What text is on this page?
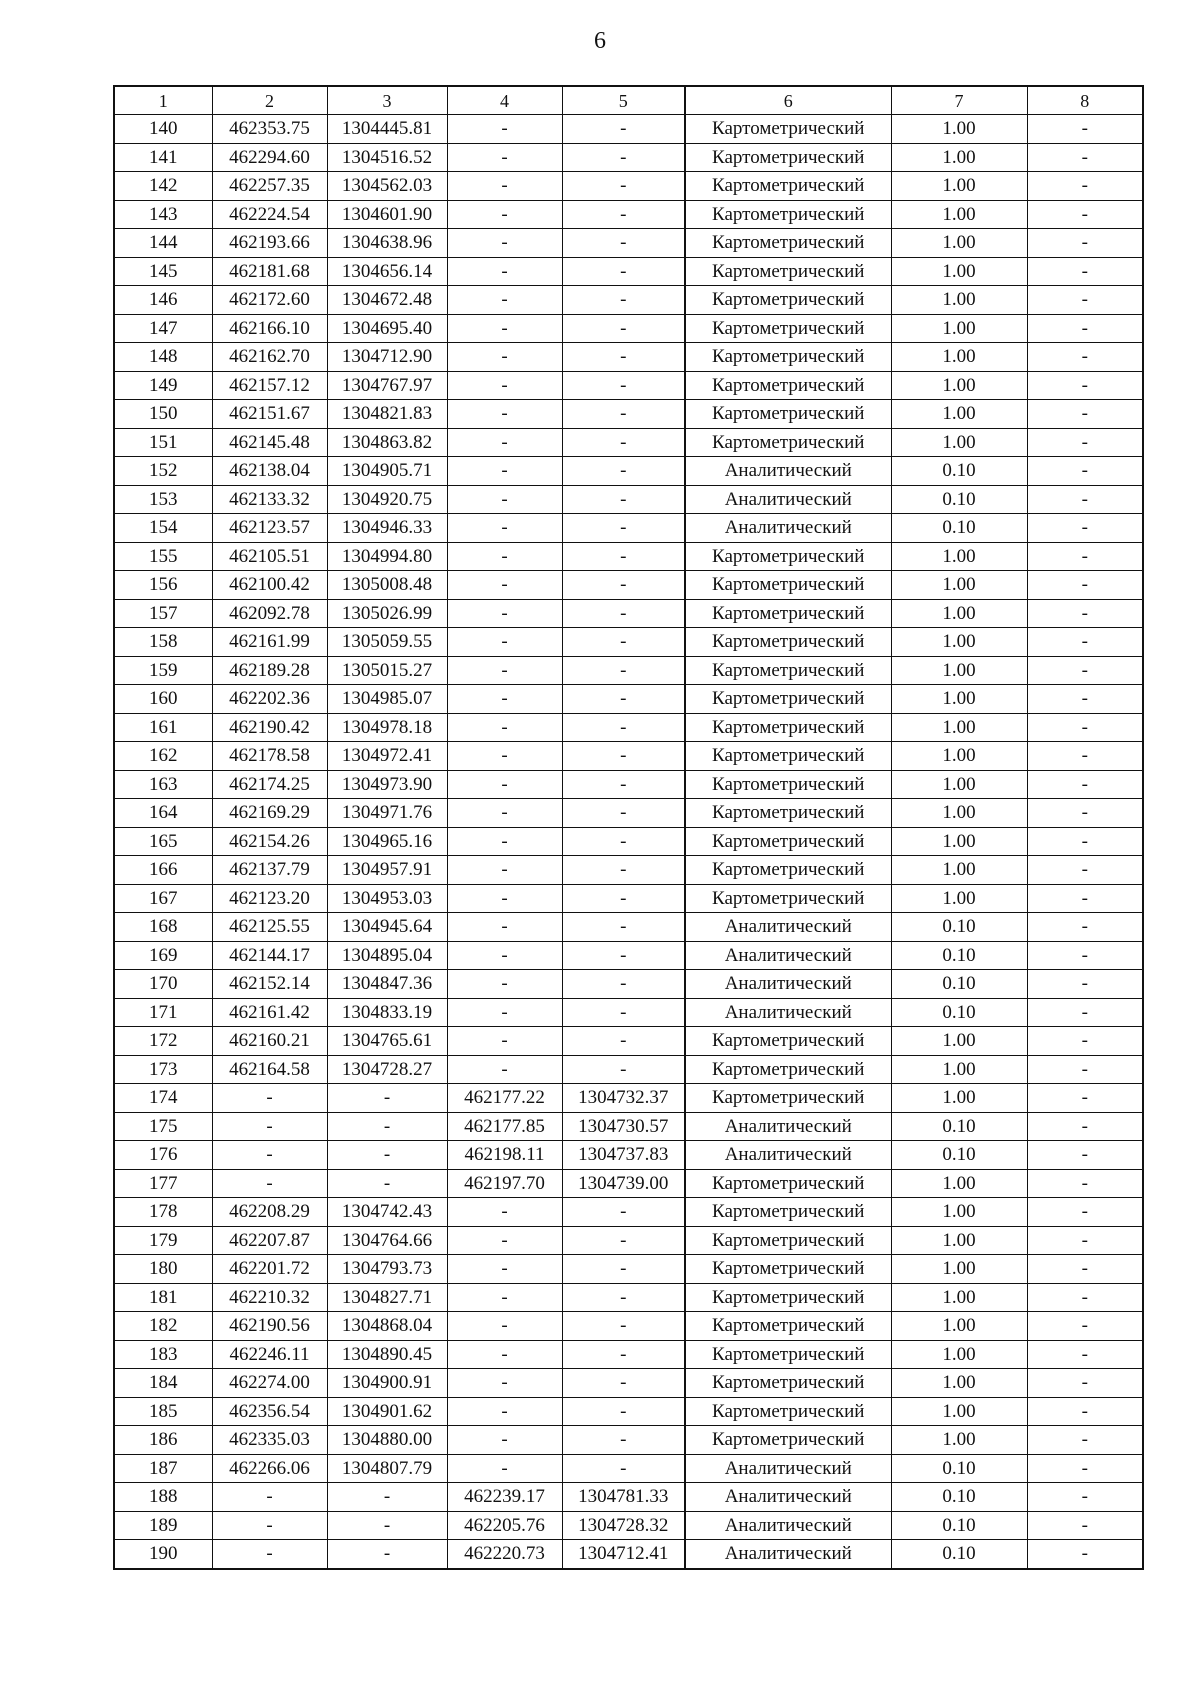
6
1	2	3	4	5	6	7	8
140	462353.75	1304445.81	-	-	Картометрический	1.00	-
141	462294.60	1304516.52	-	-	Картометрический	1.00	-
142	462257.35	1304562.03	-	-	Картометрический	1.00	-
143	462224.54	1304601.90	-	-	Картометрический	1.00	-
144	462193.66	1304638.96	-	-	Картометрический	1.00	-
145	462181.68	1304656.14	-	-	Картометрический	1.00	-
146	462172.60	1304672.48	-	-	Картометрический	1.00	-
147	462166.10	1304695.40	-	-	Картометрический	1.00	-
148	462162.70	1304712.90	-	-	Картометрический	1.00	-
149	462157.12	1304767.97	-	-	Картометрический	1.00	-
150	462151.67	1304821.83	-	-	Картометрический	1.00	-
151	462145.48	1304863.82	-	-	Картометрический	1.00	-
152	462138.04	1304905.71	-	-	Аналитический	0.10	-
153	462133.32	1304920.75	-	-	Аналитический	0.10	-
154	462123.57	1304946.33	-	-	Аналитический	0.10	-
155	462105.51	1304994.80	-	-	Картометрический	1.00	-
156	462100.42	1305008.48	-	-	Картометрический	1.00	-
157	462092.78	1305026.99	-	-	Картометрический	1.00	-
158	462161.99	1305059.55	-	-	Картометрический	1.00	-
159	462189.28	1305015.27	-	-	Картометрический	1.00	-
160	462202.36	1304985.07	-	-	Картометрический	1.00	-
161	462190.42	1304978.18	-	-	Картометрический	1.00	-
162	462178.58	1304972.41	-	-	Картометрический	1.00	-
163	462174.25	1304973.90	-	-	Картометрический	1.00	-
164	462169.29	1304971.76	-	-	Картометрический	1.00	-
165	462154.26	1304965.16	-	-	Картометрический	1.00	-
166	462137.79	1304957.91	-	-	Картометрический	1.00	-
167	462123.20	1304953.03	-	-	Картометрический	1.00	-
168	462125.55	1304945.64	-	-	Аналитический	0.10	-
169	462144.17	1304895.04	-	-	Аналитический	0.10	-
170	462152.14	1304847.36	-	-	Аналитический	0.10	-
171	462161.42	1304833.19	-	-	Аналитический	0.10	-
172	462160.21	1304765.61	-	-	Картометрический	1.00	-
173	462164.58	1304728.27	-	-	Картометрический	1.00	-
174	-	-	462177.22	1304732.37	Картометрический	1.00	-
175	-	-	462177.85	1304730.57	Аналитический	0.10	-
176	-	-	462198.11	1304737.83	Аналитический	0.10	-
177	-	-	462197.70	1304739.00	Картометрический	1.00	-
178	462208.29	1304742.43	-	-	Картометрический	1.00	-
179	462207.87	1304764.66	-	-	Картометрический	1.00	-
180	462201.72	1304793.73	-	-	Картометрический	1.00	-
181	462210.32	1304827.71	-	-	Картометрический	1.00	-
182	462190.56	1304868.04	-	-	Картометрический	1.00	-
183	462246.11	1304890.45	-	-	Картометрический	1.00	-
184	462274.00	1304900.91	-	-	Картометрический	1.00	-
185	462356.54	1304901.62	-	-	Картометрический	1.00	-
186	462335.03	1304880.00	-	-	Картометрический	1.00	-
187	462266.06	1304807.79	-	-	Аналитический	0.10	-
188	-	-	462239.17	1304781.33	Аналитический	0.10	-
189	-	-	462205.76	1304728.32	Аналитический	0.10	-
190	-	-	462220.73	1304712.41	Аналитический	0.10	-
